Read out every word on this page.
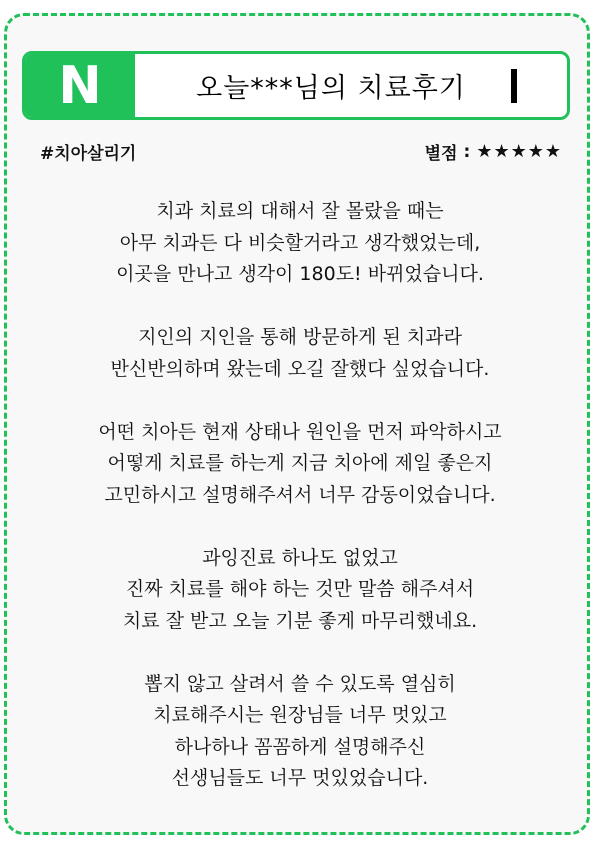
N	오늘***님의 치료후기
#치아살리기	별점 : ★★★★★
치과 치료의 대해서 잘 몰랐을 때는
아무 치과든 다 비슷할거라고 생각했었는데,
이곳을 만나고 생각이 180도! 바뀌었습니다.
지인의 지인을 통해 방문하게 된 치과라
반신반의하며 왔는데 오길 잘했다 싶었습니다.
어떤 치아든 현재 상태나 원인을 먼저 파악하시고
어떻게 치료를 하는게 지금 치아에 제일 좋은지
고민하시고 설명해주셔서 너무 감동이었습니다.
과잉진료 하나도 없었고
진짜 치료를 해야 하는 것만 말씀 해주셔서
치료 잘 받고 오늘 기분 좋게 마무리했네요.
뽑지 않고 살려서 쓸 수 있도록 열심히
치료해주시는 원장님들 너무 멋있고
하나하나 꼼꼼하게 설명해주신
선생님들도 너무 멋있었습니다.
